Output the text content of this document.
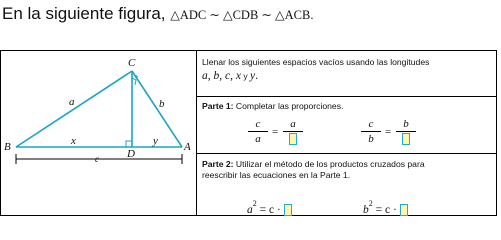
En la siguiente figura, △ADC ∼ △CDB ∼ △ACB.
C
B	A
D
a	b
x	y
c
Llenar los siguientes espacios vacíos usando las longitudes
a, b, c, x y y.
Parte 1: Completar las proporciones.
c
a
=
a	c
b
=
b
Parte 2: Utilizar el método de los productos cruzados para
reescribir las ecuaciones en la Parte 1.
$a^2 = c$ ·	$b^2 = c$ ·
